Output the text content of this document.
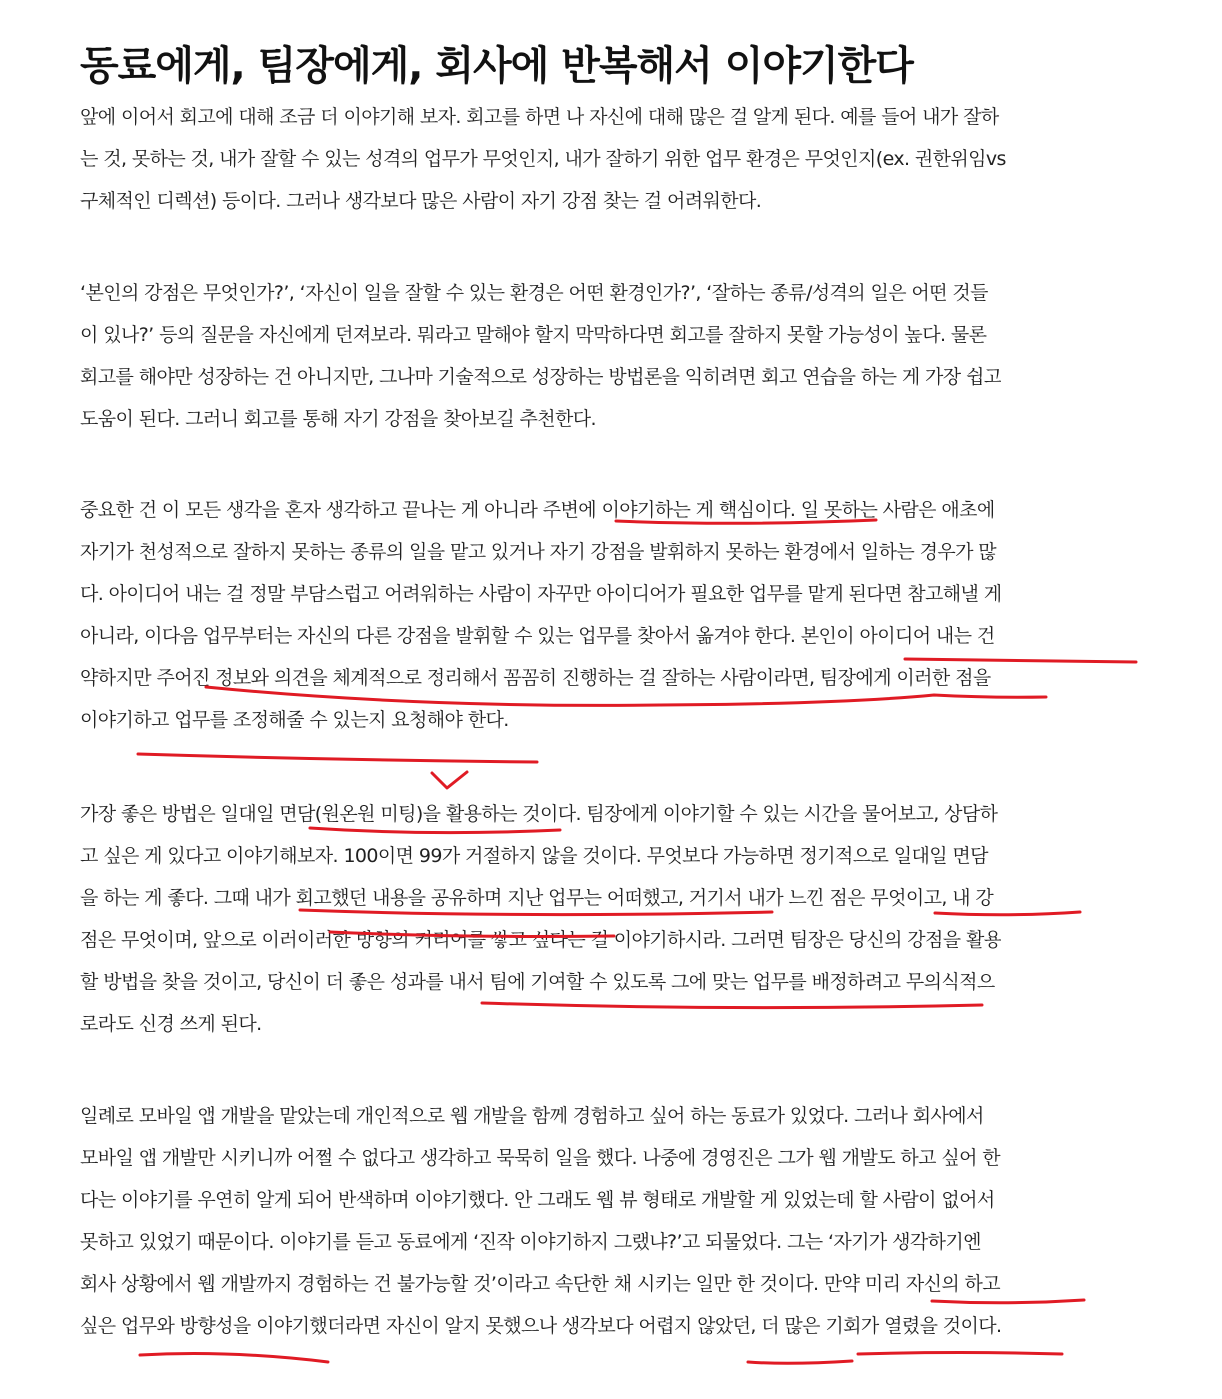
동료에게, 팀장에게, 회사에 반복해서 이야기한다
앞에 이어서 회고에 대해 조금 더 이야기해 보자. 회고를 하면 나 자신에 대해 많은 걸 알게 된다. 예를 들어 내가 잘하
는 것, 못하는 것, 내가 잘할 수 있는 성격의 업무가 무엇인지, 내가 잘하기 위한 업무 환경은 무엇인지(ex. 권한위임vs
구체적인 디렉션) 등이다. 그러나 생각보다 많은 사람이 자기 강점 찾는 걸 어려워한다.
‘본인의 강점은 무엇인가?’, ‘자신이 일을 잘할 수 있는 환경은 어떤 환경인가?’, ‘잘하는 종류/성격의 일은 어떤 것들
이 있나?’ 등의 질문을 자신에게 던져보라. 뭐라고 말해야 할지 막막하다면 회고를 잘하지 못할 가능성이 높다. 물론
회고를 해야만 성장하는 건 아니지만, 그나마 기술적으로 성장하는 방법론을 익히려면 회고 연습을 하는 게 가장 쉽고
도움이 된다. 그러니 회고를 통해 자기 강점을 찾아보길 추천한다.
중요한 건 이 모든 생각을 혼자 생각하고 끝나는 게 아니라 주변에 이야기하는 게 핵심이다. 일 못하는 사람은 애초에
자기가 천성적으로 잘하지 못하는 종류의 일을 맡고 있거나 자기 강점을 발휘하지 못하는 환경에서 일하는 경우가 많
다. 아이디어 내는 걸 정말 부담스럽고 어려워하는 사람이 자꾸만 아이디어가 필요한 업무를 맡게 된다면 참고해낼 게
아니라, 이다음 업무부터는 자신의 다른 강점을 발휘할 수 있는 업무를 찾아서 옮겨야 한다. 본인이 아이디어 내는 건
약하지만 주어진 정보와 의견을 체계적으로 정리해서 꼼꼼히 진행하는 걸 잘하는 사람이라면, 팀장에게 이러한 점을
이야기하고 업무를 조정해줄 수 있는지 요청해야 한다.
가장 좋은 방법은 일대일 면담(원온원 미팅)을 활용하는 것이다. 팀장에게 이야기할 수 있는 시간을 물어보고, 상담하
고 싶은 게 있다고 이야기해보자. 100이면 99가 거절하지 않을 것이다. 무엇보다 가능하면 정기적으로 일대일 면담
을 하는 게 좋다. 그때 내가 회고했던 내용을 공유하며 지난 업무는 어떠했고, 거기서 내가 느낀 점은 무엇이고, 내 강
점은 무엇이며, 앞으로 이러이러한 방향의 커리어를 쌓고 싶다는 걸 이야기하시라. 그러면 팀장은 당신의 강점을 활용
할 방법을 찾을 것이고, 당신이 더 좋은 성과를 내서 팀에 기여할 수 있도록 그에 맞는 업무를 배정하려고 무의식적으
로라도 신경 쓰게 된다.
일례로 모바일 앱 개발을 맡았는데 개인적으로 웹 개발을 함께 경험하고 싶어 하는 동료가 있었다. 그러나 회사에서
모바일 앱 개발만 시키니까 어쩔 수 없다고 생각하고 묵묵히 일을 했다. 나중에 경영진은 그가 웹 개발도 하고 싶어 한
다는 이야기를 우연히 알게 되어 반색하며 이야기했다. 안 그래도 웹 뷰 형태로 개발할 게 있었는데 할 사람이 없어서
못하고 있었기 때문이다. 이야기를 듣고 동료에게 ‘진작 이야기하지 그랬냐?’고 되물었다. 그는 ‘자기가 생각하기엔
회사 상황에서 웹 개발까지 경험하는 건 불가능할 것’이라고 속단한 채 시키는 일만 한 것이다. 만약 미리 자신의 하고
싶은 업무와 방향성을 이야기했더라면 자신이 알지 못했으나 생각보다 어렵지 않았던, 더 많은 기회가 열렸을 것이다.
